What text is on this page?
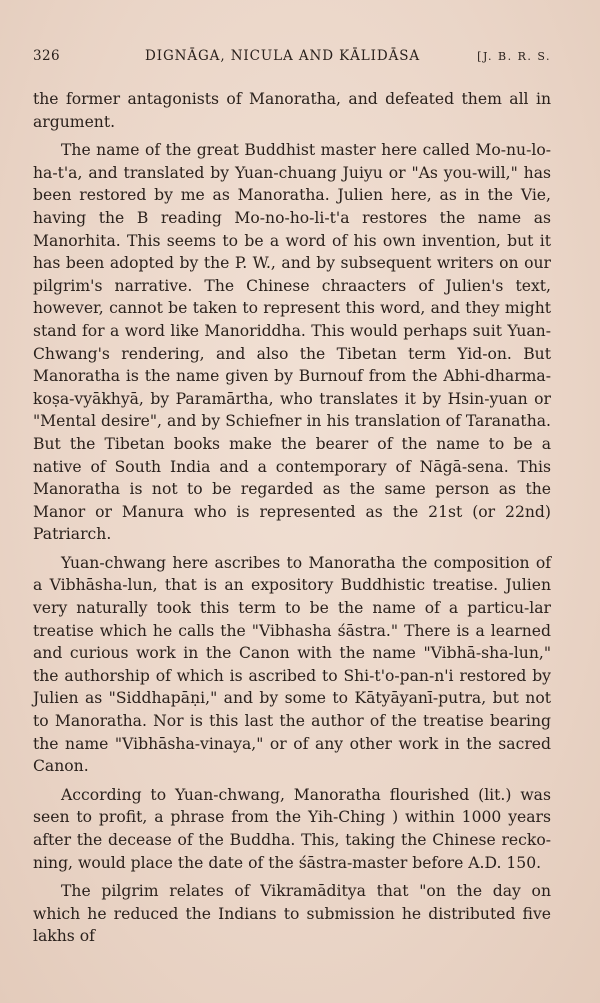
326	DIGNĀGA, NICULA AND KĀLIDĀSA	[J. B. R. S.

the former antagonists of Manoratha, and defeated them all in argument.

The name of the great Buddhist master here called Mo-nu-lo-ha-t'a, and translated by Yuan-chuang Juiyu or "As you-will," has been restored by me as Manoratha. Julien here, as in the Vie, having the B reading Mo-no-ho-li-t'a restores the name as Manorhita. This seems to be a word of his own invention, but it has been adopted by the P. W., and by subsequent writers on our pilgrim's narrative. The Chinese chraacters of Julien's text, however, cannot be taken to represent this word, and they might stand for a word like Manoriddha. This would perhaps suit Yuan-Chwang's rendering, and also the Tibetan term Yid-on. But Manoratha is the name given by Burnouf from the Abhi-dharma-koṣa-vyākhyā, by Paramārtha, who translates it by Hsin-yuan or "Mental desire", and by Schiefner in his translation of Taranatha. But the Tibetan books make the bearer of the name to be a native of South India and a contemporary of Nāgā-sena. This Manoratha is not to be regarded as the same person as the Manor or Manura who is represented as the 21st (or 22nd) Patriarch.

Yuan-chwang here ascribes to Manoratha the composition of a Vibhāsha-lun, that is an expository Buddhistic treatise. Julien very naturally took this term to be the name of a particu-lar treatise which he calls the "Vibhasha śāstra." There is a learned and curious work in the Canon with the name "Vibhā-sha-lun," the authorship of which is ascribed to Shi-t'o-pan-n'i restored by Julien as "Siddhapāṇi," and by some to Kātyāyanī-putra, but not to Manoratha. Nor is this last the author of the treatise bearing the name "Vibhāsha-vinaya," or of any other work in the sacred Canon.

According to Yuan-chwang, Manoratha flourished (lit.) was seen to profit, a phrase from the Yih-Ching ) within 1000 years after the decease of the Buddha. This, taking the Chinese recko-ning, would place the date of the śāstra-master before A.D. 150.

The pilgrim relates of Vikramāditya that "on the day on which he reduced the Indians to submission he distributed five lakhs of
